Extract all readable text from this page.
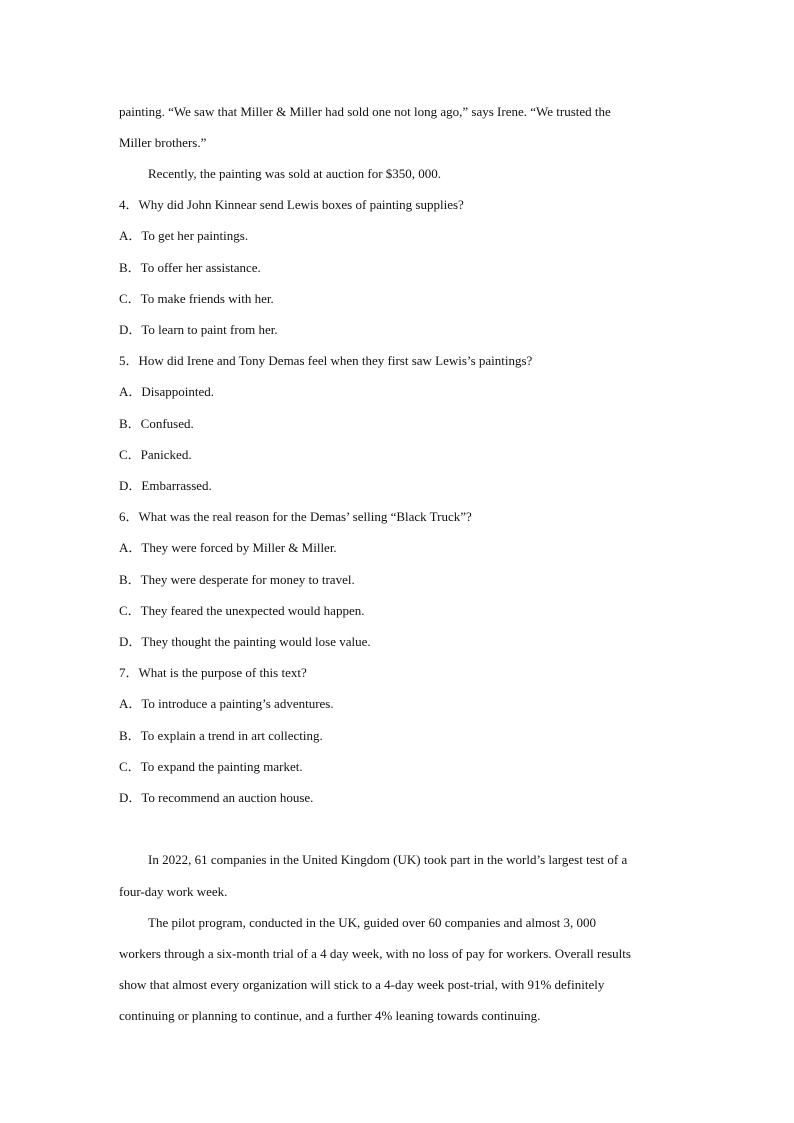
painting. “We saw that Miller & Miller had sold one not long ago,” says Irene. “We trusted the
Miller brothers.”
Recently, the painting was sold at auction for $350, 000.
4．Why did John Kinnear send Lewis boxes of painting supplies?
A．To get her paintings.
B．To offer her assistance.
C．To make friends with her.
D．To learn to paint from her.
5．How did Irene and Tony Demas feel when they first saw Lewis’s paintings?
A．Disappointed.
B．Confused.
C．Panicked.
D．Embarrassed.
6．What was the real reason for the Demas’ selling “Black Truck”?
A．They were forced by Miller & Miller.
B．They were desperate for money to travel.
C．They feared the unexpected would happen.
D．They thought the painting would lose value.
7．What is the purpose of this text?
A．To introduce a painting’s adventures.
B．To explain a trend in art collecting.
C．To expand the painting market.
D．To recommend an auction house.
In 2022, 61 companies in the United Kingdom (UK) took part in the world’s largest test of a
four-day work week.
The pilot program, conducted in the UK, guided over 60 companies and almost 3, 000
workers through a six-month trial of a 4 day week, with no loss of pay for workers. Overall results
show that almost every organization will stick to a 4-day week post-trial, with 91% definitely
continuing or planning to continue, and a further 4% leaning towards continuing.
